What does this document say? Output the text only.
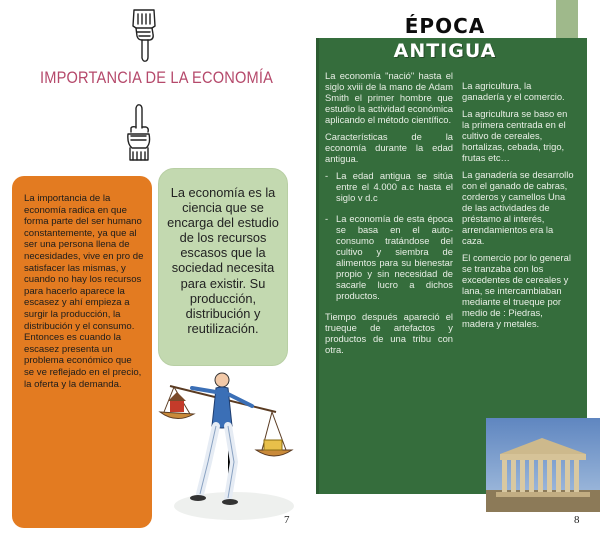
IMPORTANCIA DE LA ECONOMÍA
La importancia de la economía radica en que forma parte del ser humano constantemente, ya que al ser una persona llena de necesidades, vive en pro de satisfacer las mismas, y cuando no hay los recursos para hacerlo aparece la escasez y ahí empieza a surgir la producción, la distribución y el consumo. Entonces es cuando la escasez presenta un problema económico que se ve reflejado en el precio, la oferta y la demanda.
La economía es la ciencia que se encarga del estudio de los recursos escasos que la sociedad necesita para existir. Su producción, distribución y reutilización.
7
ÉPOCA
ANTIGUA

La economía "nació" hasta el siglo xviii de la mano de Adam Smith el primer hombre que estudio la actividad económica aplicando el método científico.

Características de la economía durante la edad antigua.

- La edad antigua se sitúa entre el 4.000 a.c hasta el siglo v d.c
- La economía de esta época se basa en el auto-consumo tratándose del cultivo y siembra de alimentos para su bienestar propio y sin necesidad de sacarle lucro a dichos productos.

Tiempo después apareció el trueque de artefactos y productos de una tribu con otra.

La agricultura, la ganadería y el comercio.

La agricultura se baso en la primera centrada en el cultivo de cereales, hortalizas, cebada, trigo, frutas etc…

La ganadería se desarrollo con el ganado de cabras, corderos y camellos Una de las actividades de préstamo al interés, arrendamientos era la caza.

El comercio por lo general se tranzaba con los excedentes de cereales y lana, se intercambiaban mediante el trueque por medio de : Piedras, madera y metales.

8
